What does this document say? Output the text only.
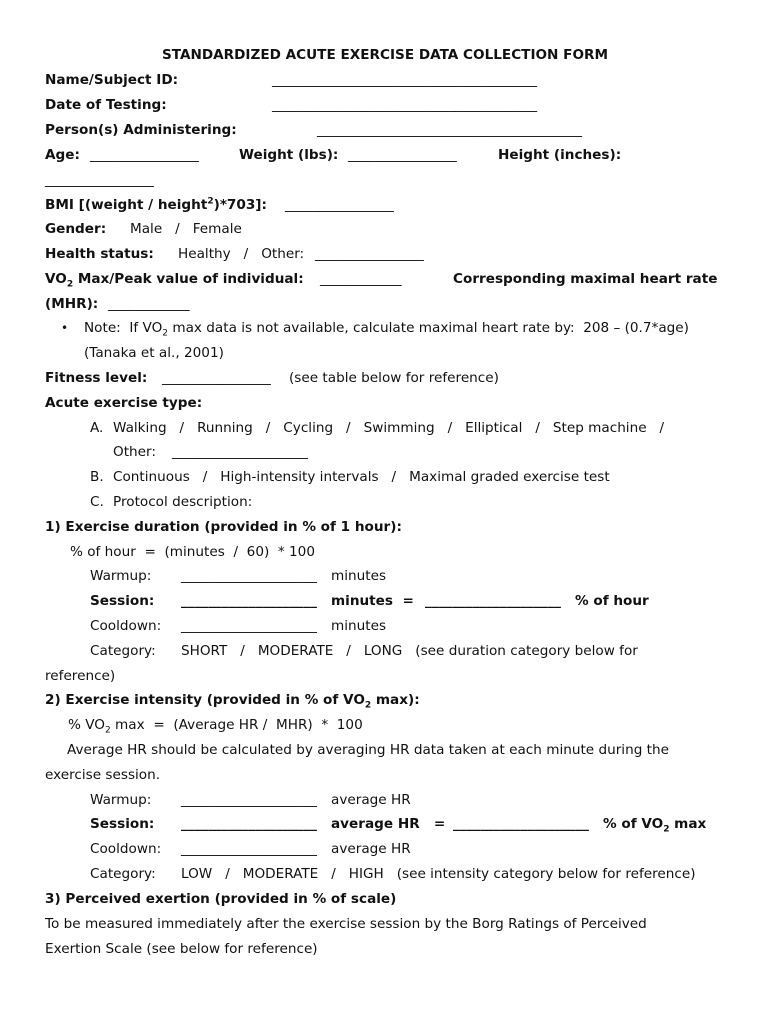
STANDARDIZED ACUTE EXERCISE DATA COLLECTION FORM
Name/Subject ID:	_______________________________________
Date of Testing:	_______________________________________
Person(s) Administering:	_______________________________________
Age: ________________	Weight (lbs): ________________	Height (inches):
________________
BMI [(weight / height$^2$)*703]: ________________
Gender: Male   /   Female
Health status: Healthy   /   Other: ________________
$VO_2$ Max/Peak value of individual: ____________	Corresponding maximal heart rate
(MHR): ____________
• Note:  If $VO_2$ max data is not available, calculate maximal heart rate by:  208 – (0.7*age)
(Tanaka et al., 2001)
Fitness level: ________________ (see table below for reference)
Acute exercise type:
A. Walking   /   Running   /   Cycling   /   Swimming   /   Elliptical   /   Step machine   /
Other: ____________________
B. Continuous   /   High-intensity intervals   /   Maximal graded exercise test
C. Protocol description:
1) Exercise duration (provided in % of 1 hour):
% of hour  =  (minutes  /  60)  * 100
Warmup: ____________________ minutes
Session: ____________________ minutes  = ____________________ % of hour
Cooldown: ____________________ minutes
Category: SHORT   /   MODERATE   /   LONG   (see duration category below for
reference)
2) Exercise intensity (provided in % of $VO_2$ max):
% $VO_2$ max  =  (Average HR /  MHR)  *  100
Average HR should be calculated by averaging HR data taken at each minute during the
exercise session.
Warmup: ____________________ average HR
Session: ____________________ average HR   = ____________________ % of $VO_2$ max
Cooldown: ____________________ average HR
Category: LOW   /   MODERATE   /   HIGH   (see intensity category below for reference)
3) Perceived exertion (provided in % of scale)
To be measured immediately after the exercise session by the Borg Ratings of Perceived
Exertion Scale (see below for reference)
